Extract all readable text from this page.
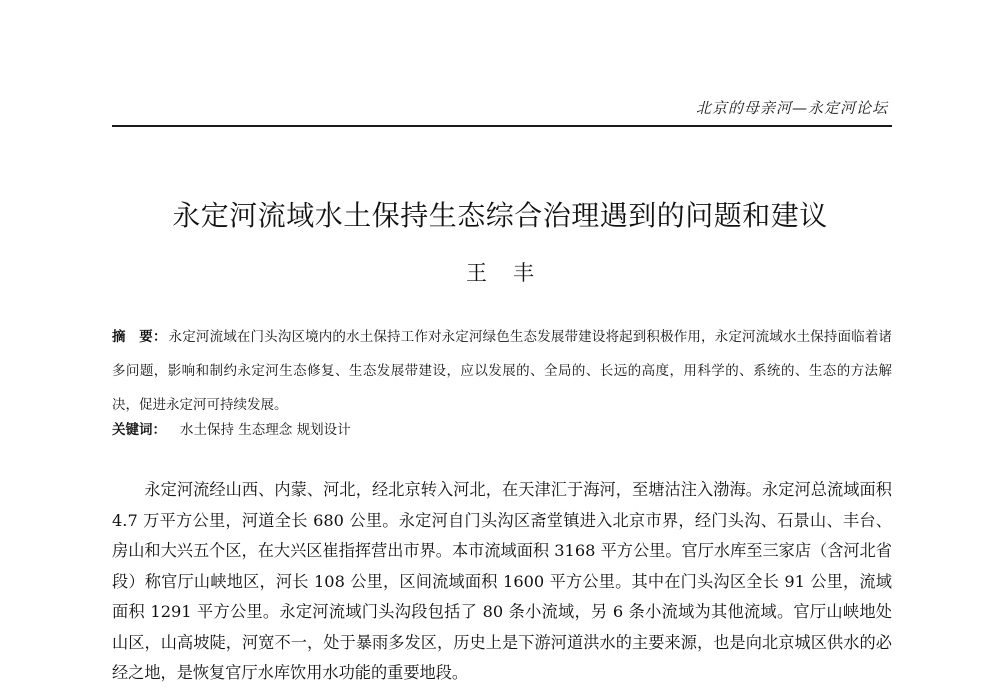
北京的母亲河—永定河论坛
永定河流域水土保持生态综合治理遇到的问题和建议
王丰

摘　要： 永定河流域在门头沟区境内的水土保持工作对永定河绿色生态发展带建设将起到积极作用，永定河流域水土保持面临着诸多问题，影响和制约永定河生态修复、生态发展带建设，应以发展的、全局的、长远的高度，用科学的、系统的、生态的方法解决，促进永定河可持续发展。

关键词： 水土保持 生态理念 规划设计

永定河流经山西、内蒙、河北，经北京转入河北，在天津汇于海河，至塘沽注入渤海。永定河总流域面积 4.7 万平方公里，河道全长 680 公里。永定河自门头沟区斋堂镇进入北京市界，经门头沟、石景山、丰台、房山和大兴五个区，在大兴区崔指挥营出市界。本市流域面积 3168 平方公里。官厅水库至三家店（含河北省段）称官厅山峡地区，河长 108 公里，区间流域面积 1600 平方公里。其中在门头沟区全长 91 公里，流域面积 1291 平方公里。永定河流域门头沟段包括了 80 条小流域，另 6 条小流域为其他流域。官厅山峡地处山区，山高坡陡，河宽不一，处于暴雨多发区，历史上是下游河道洪水的主要来源，也是向北京城区供水的必经之地，是恢复官厅水库饮用水功能的重要地段。
